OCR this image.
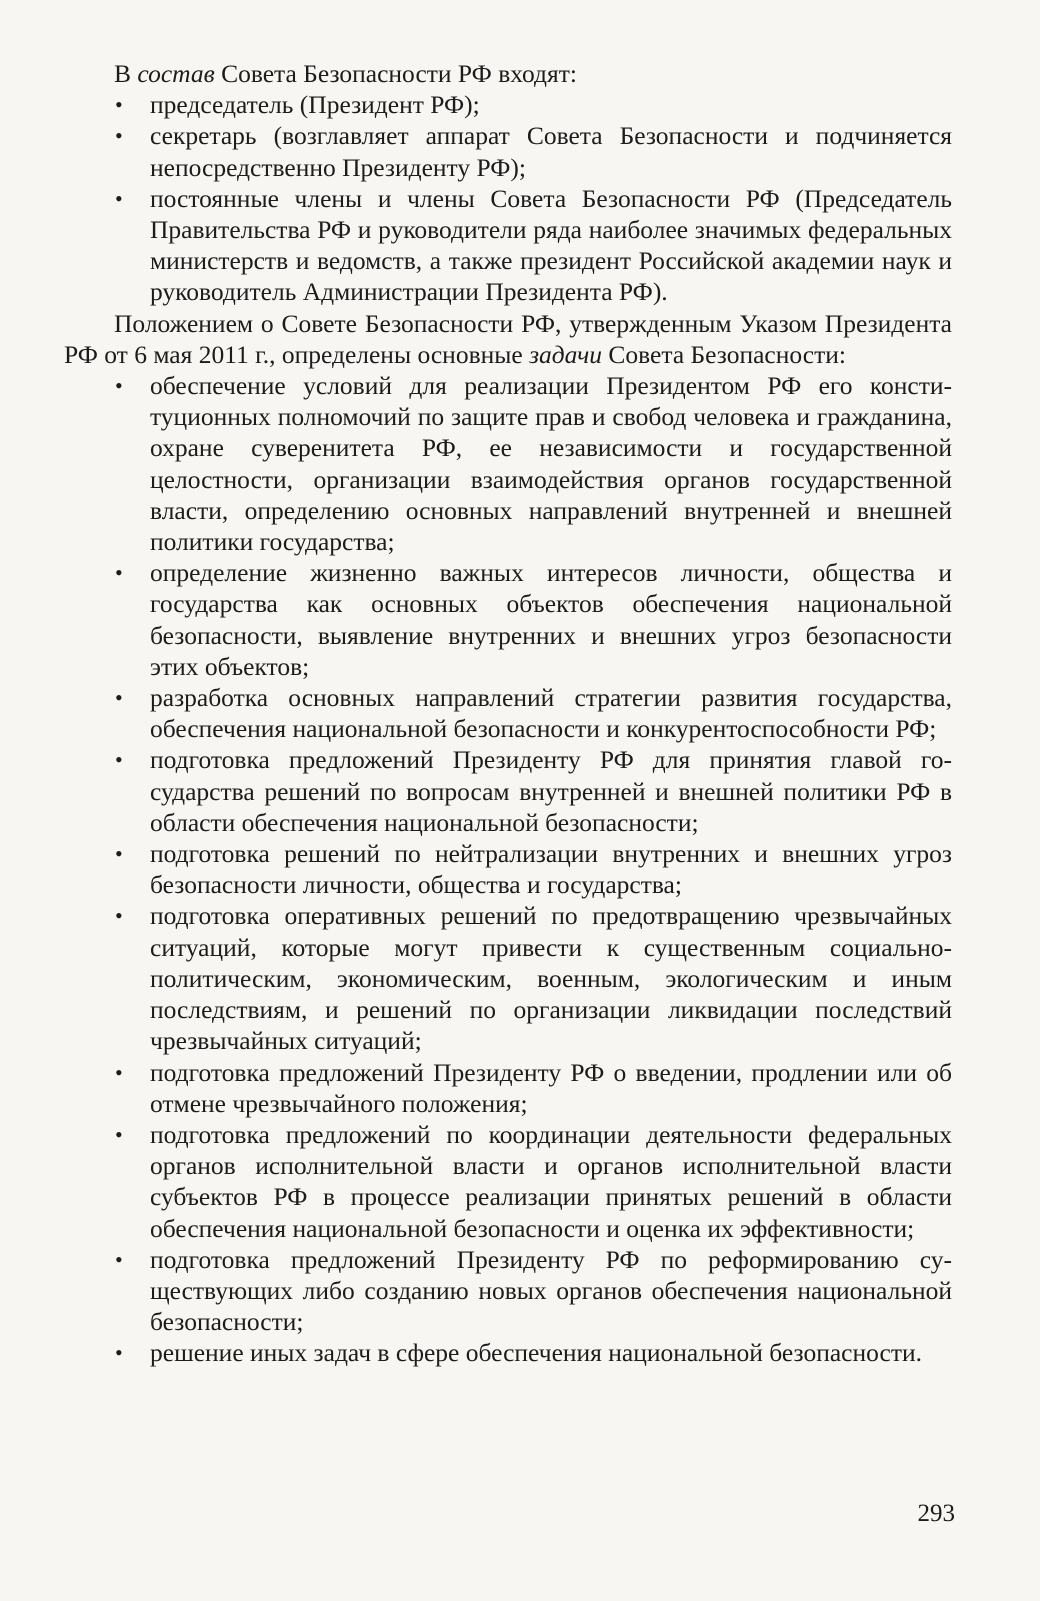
В состав Совета Безопасности РФ входят:

• председатель (Президент РФ);
• секретарь (возглавляет аппарат Совета Безопасности и подчиняется непосредственно Президенту РФ);
• постоянные члены и члены Совета Безопасности РФ (Председатель Правительства РФ и руководители ряда наиболее значимых федеральных министерств и ведомств, а также президент Российской академии наук и руководитель Администрации Президента РФ).

Положением о Совете Безопасности РФ, утвержденным Указом Президента РФ от 6 мая 2011 г., определены основные задачи Совета Безопасности:

• обеспечение условий для реализации Президентом РФ его конституционных полномочий по защите прав и свобод человека и гражданина, охране суверенитета РФ, ее независимости и государственной целостности, организации взаимодействия органов государственной власти, определению основных направлений внутренней и внешней политики государства;
• определение жизненно важных интересов личности, общества и государства как основных объектов обеспечения национальной безопасности, выявление внутренних и внешних угроз безопасности этих объектов;
• разработка основных направлений стратегии развития государства, обеспечения национальной безопасности и конкурентоспособности РФ;
• подготовка предложений Президенту РФ для принятия главой государства решений по вопросам внутренней и внешней политики РФ в области обеспечения национальной безопасности;
• подготовка решений по нейтрализации внутренних и внешних угроз безопасности личности, общества и государства;
• подготовка оперативных решений по предотвращению чрезвычайных ситуаций, которые могут привести к существенным социально-политическим, экономическим, военным, экологическим и иным последствиям, и решений по организации ликвидации последствий чрезвычайных ситуаций;
• подготовка предложений Президенту РФ о введении, продлении или об отмене чрезвычайного положения;
• подготовка предложений по координации деятельности федеральных органов исполнительной власти и органов исполнительной власти субъектов РФ в процессе реализации принятых решений в области обеспечения национальной безопасности и оценка их эффективности;
• подготовка предложений Президенту РФ по реформированию существующих либо созданию новых органов обеспечения национальной безопасности;
• решение иных задач в сфере обеспечения национальной безопасности.
293
